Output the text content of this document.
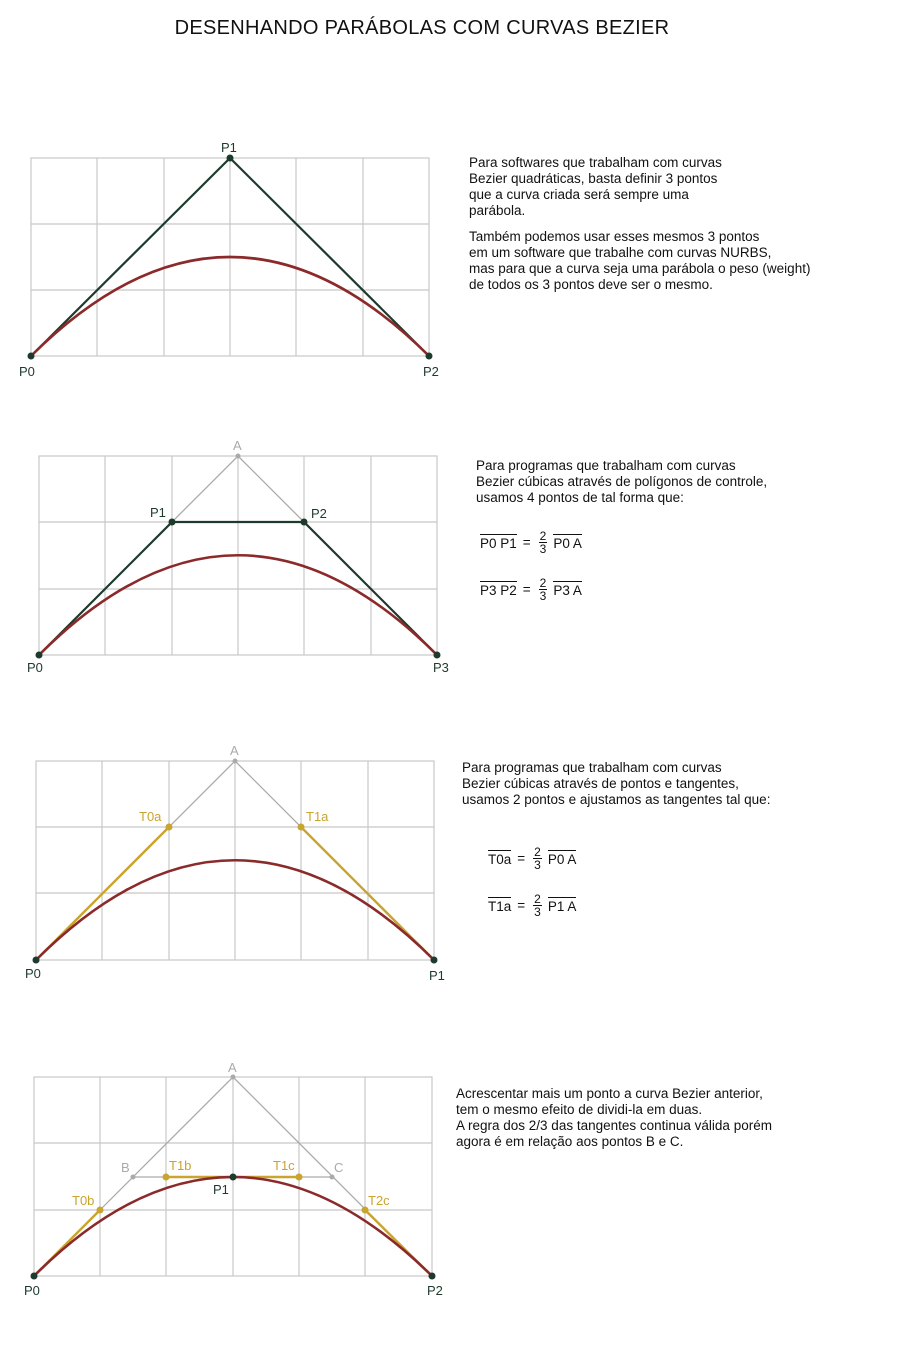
DESENHANDO PARÁBOLAS COM CURVAS BEZIER
P0
P1
P2

Para softwares que trabalham com curvas
Bezier quadráticas, basta definir 3 pontos
que a curva criada será sempre uma
parábola.

Também podemos usar esses mesmos 3 pontos
em um software que trabalhe com curvas NURBS,
mas para que a curva seja uma parábola o peso (weight)
de todos os 3 pontos deve ser o mesmo.

A
P0
P1	P2
P3
Para programas que trabalham com curvas
Bezier cúbicas através de polígonos de controle,
usamos 4 pontos de tal forma que:
P0 $P1 = \frac{2}{3} P0$ A
P3 $P2 = \frac{2}{3} P3$ A
A
T0a	T1a
P0	P1
Para programas que trabalham com curvas
Bezier cúbicas através de pontos e tangentes,
usamos 2 pontos e ajustamos as tangentes tal que:
$T0a = \frac{2}{3} P0$ A
$T1a = \frac{2}{3} P1$ A
A
B	C
T0b
T1b	T1c
T2c
P0
P1
P2
Acrescentar mais um ponto a curva Bezier anterior,
tem o mesmo efeito de dividi-la em duas.
A regra dos 2/3 das tangentes continua válida porém
agora é em relação aos pontos B e C.
